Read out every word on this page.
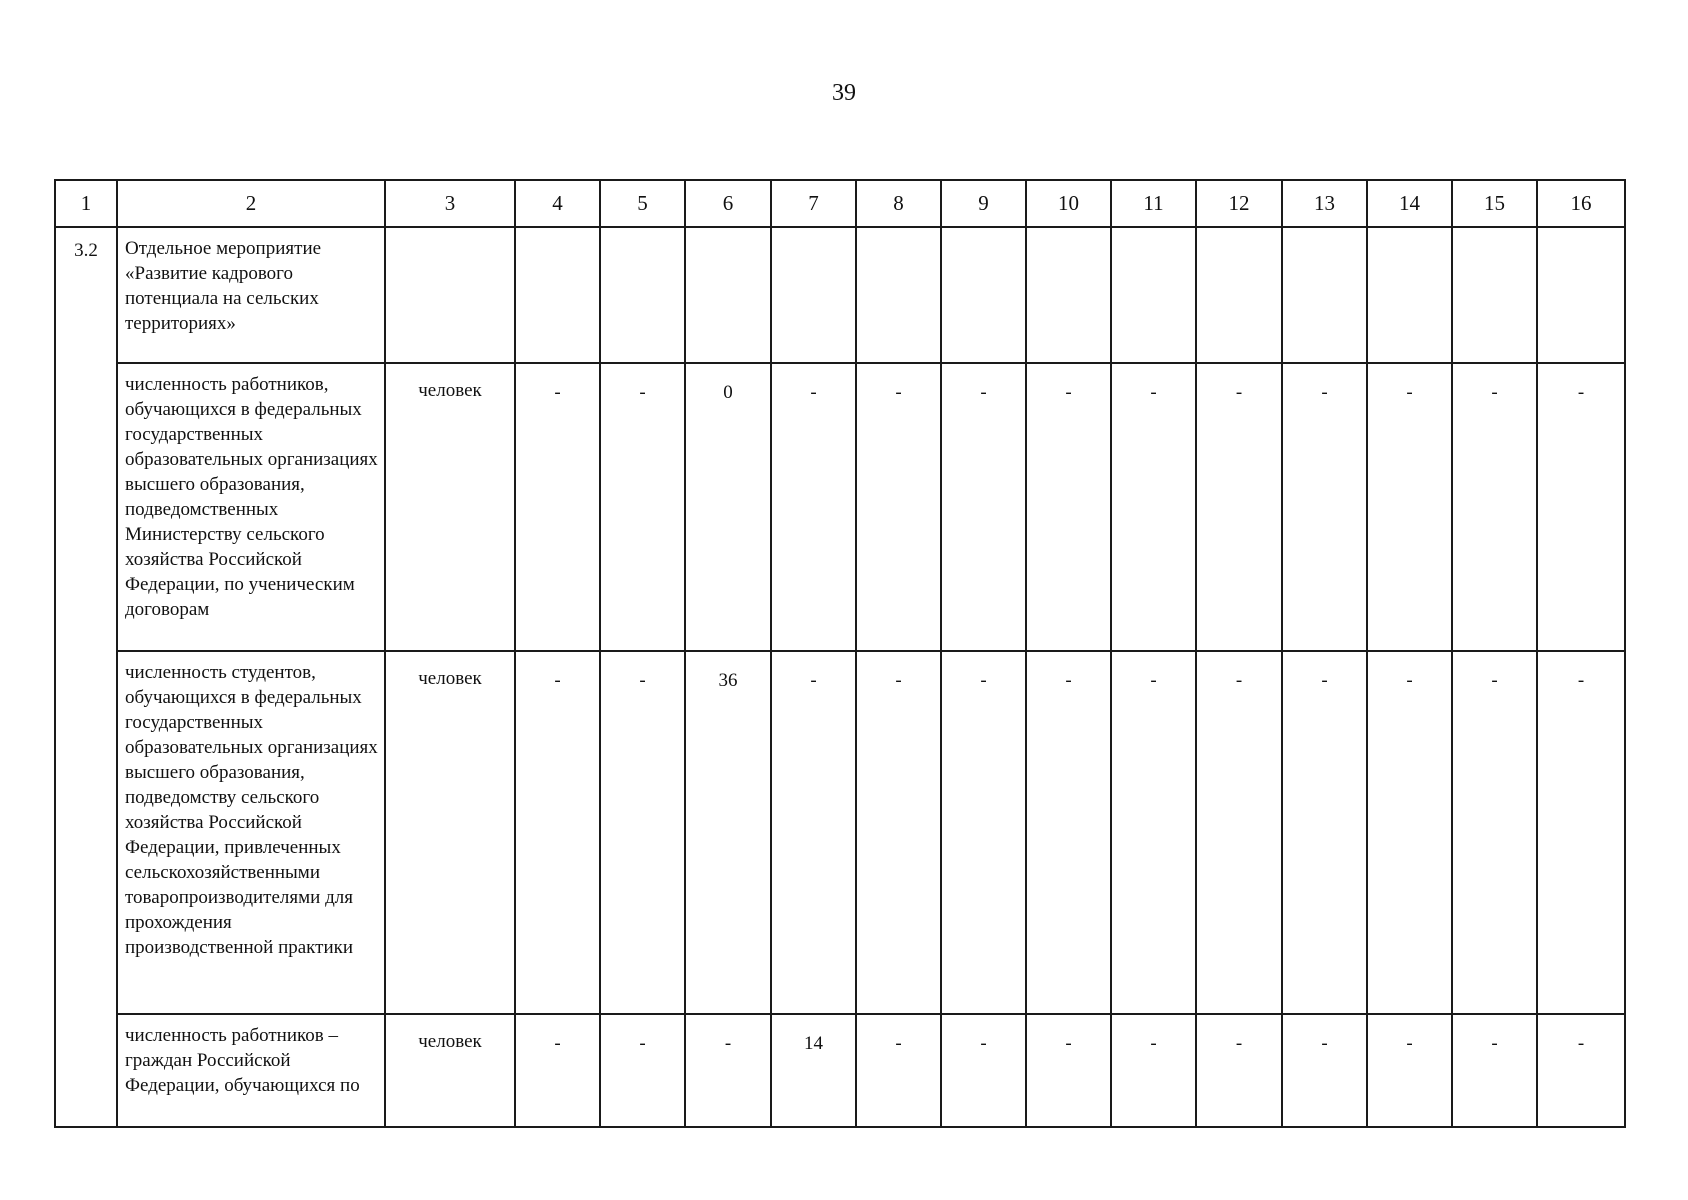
39
1	2	3	4	5	6	7	8	9	10	11	12	13	14	15	16
3.2	Отдельное мероприятие «Развитие кадрового потенциала на сельских территориях»														
	численность работников, обучающихся в федеральных государственных образовательных организациях высшего образования, подведомственных Министерству сельского хозяйства Российской Федерации, по ученическим договорам	человек	-	-	0	-	-	-	-	-	-	-	-	-	-
	численность студентов, обучающихся в федеральных государственных образовательных организациях высшего образования, подведомству сельского хозяйства Российской Федерации, привлеченных сельскохозяйственными товаропроизводителями для прохождения производственной практики	человек	-	-	36	-	-	-	-	-	-	-	-	-	-
	численность работников – граждан Российской Федерации, обучающихся по	человек	-	-	-	14	-	-	-	-	-	-	-	-	-
